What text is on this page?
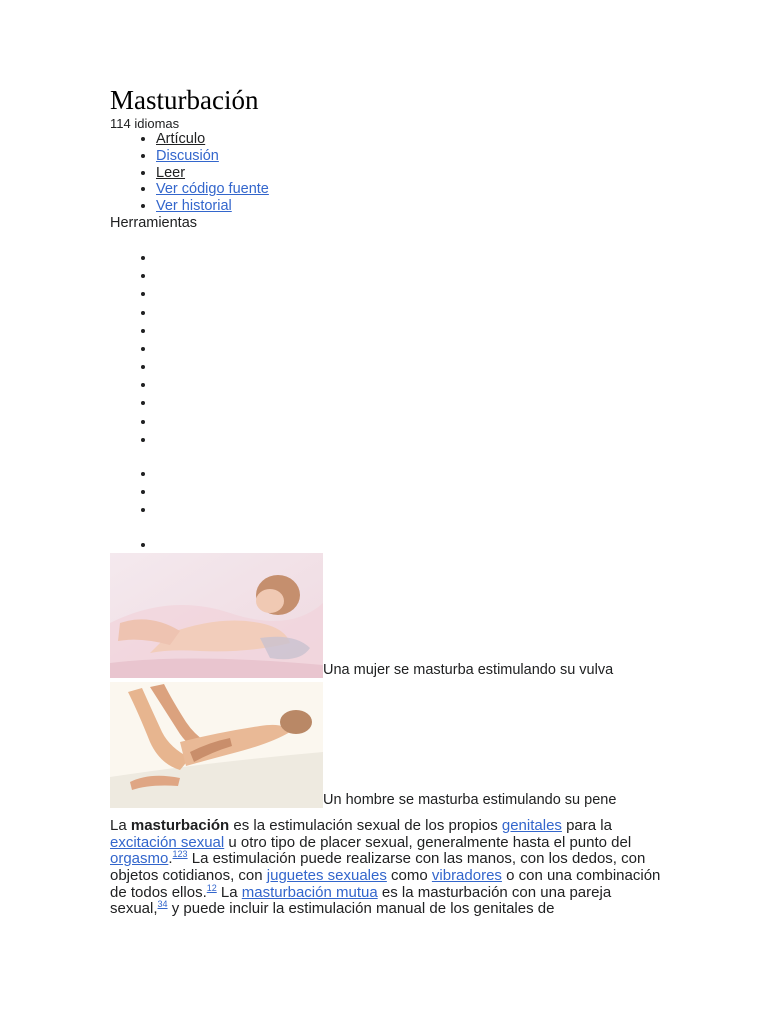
Masturbación
114 idiomas
• Artículo
• Discusión
• Leer
• Ver código fuente
• Ver historial
Herramientas
•
•
•
•
•
•
•
•
•
•
•
•
•
•
•
Una mujer se masturba estimulando su vulva
Un hombre se masturba estimulando su pene

La masturbación es la estimulación sexual de los propios genitales para la excitación sexual u otro tipo de placer sexual, generalmente hasta el punto del orgasmo.$^{123}$ La estimulación puede realizarse con las manos, con los dedos, con objetos cotidianos, con juguetes sexuales como vibradores o con una combinación de todos ellos.$^{12}$ La masturbación mutua es la masturbación con una pareja sexual,$^{34}$ y puede incluir la estimulación manual de los genitales de
